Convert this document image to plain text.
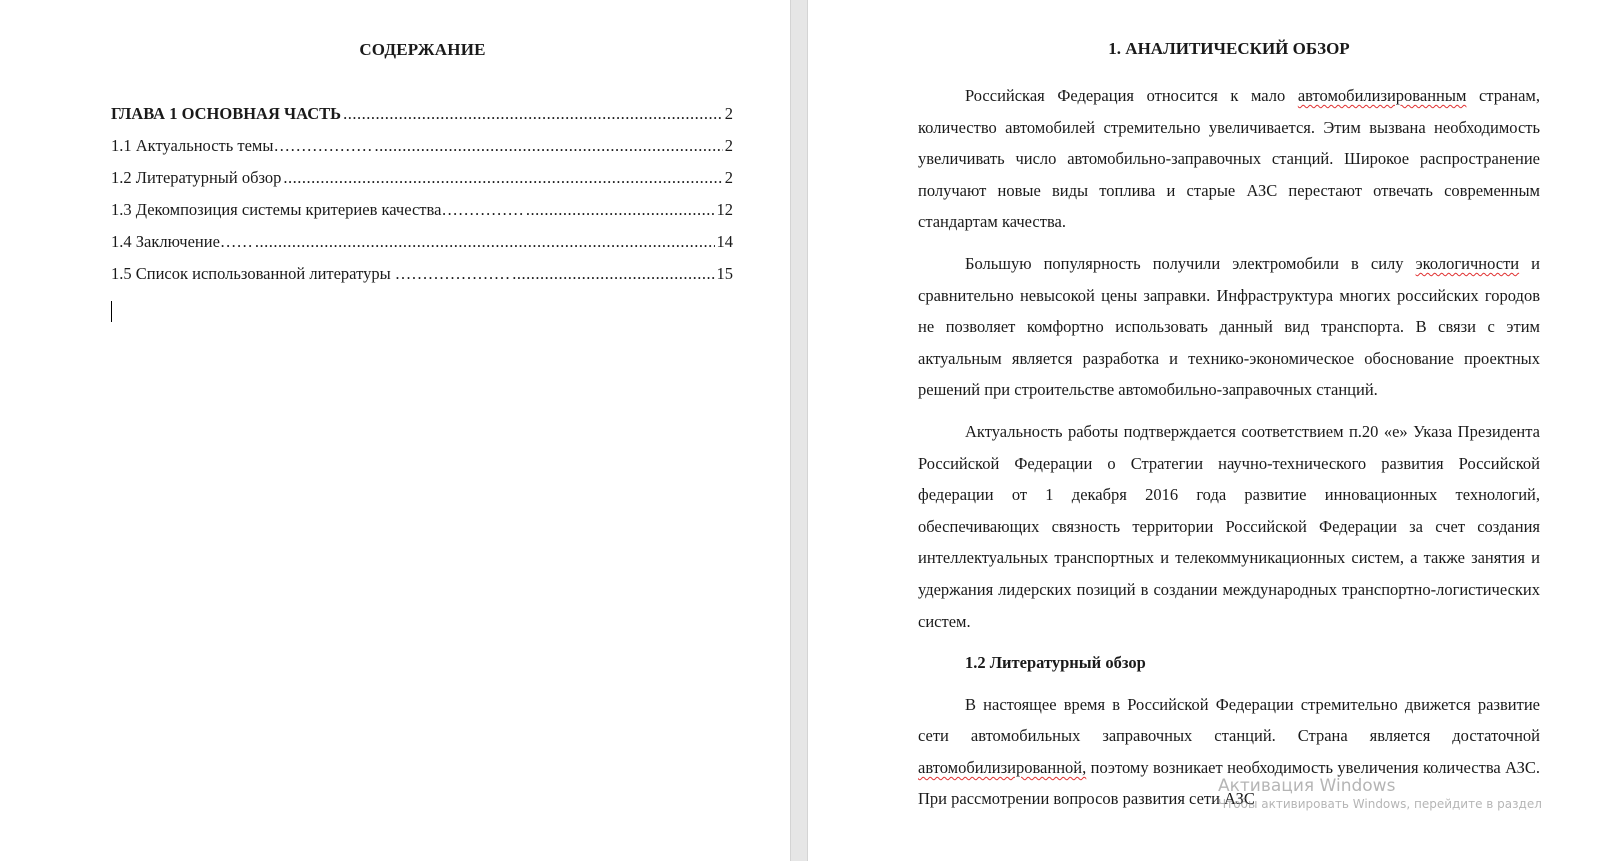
СОДЕРЖАНИЕ
ГЛАВА 1 ОСНОВНАЯ ЧАСТЬ .....	2
1.1 Актуальность темы……………… .....	2
1.2 Литературный обзор .....	2
1.3 Декомпозиция системы критериев качества…………… .....	12
1.4 Заключение…… .....	14
1.5 Список использованной литературы ………………… .....	15
1. АНАЛИТИЧЕСКИЙ ОБЗОР

Российская Федерация относится к мало автомобилизированным странам, количество автомобилей стремительно увеличивается. Этим вызвана необходимость увеличивать число автомобильно-заправочных станций. Широкое распространение получают новые виды топлива и старые АЗС перестают отвечать современным стандартам качества.

Большую популярность получили электромобили в силу экологичности и сравнительно невысокой цены заправки. Инфраструктура многих российских городов не позволяет комфортно использовать данный вид транспорта. В связи с этим актуальным является разработка и технико-экономическое обоснование проектных решений при строительстве автомобильно-заправочных станций.

Актуальность работы подтверждается соответствием п.20 «е» Указа Президента Российской Федерации о Стратегии научно-технического развития Российской федерации от 1 декабря 2016 года развитие инновационных технологий, обеспечивающих связность территории Российской Федерации за счет создания интеллектуальных транспортных и телекоммуникационных систем, а также занятия и удержания лидерских позиций в создании международных транспортно-логистических систем.

1.2 Литературный обзор

В настоящее время в Российской Федерации стремительно движется развитие сети автомобильных заправочных станций. Страна является достаточной автомобилизированной, поэтому возникает необходимость увеличения количества АЗС. При рассмотрении вопросов развития сети АЗС

Активация Windows
Чтобы активировать Windows, перейдите в раздел
